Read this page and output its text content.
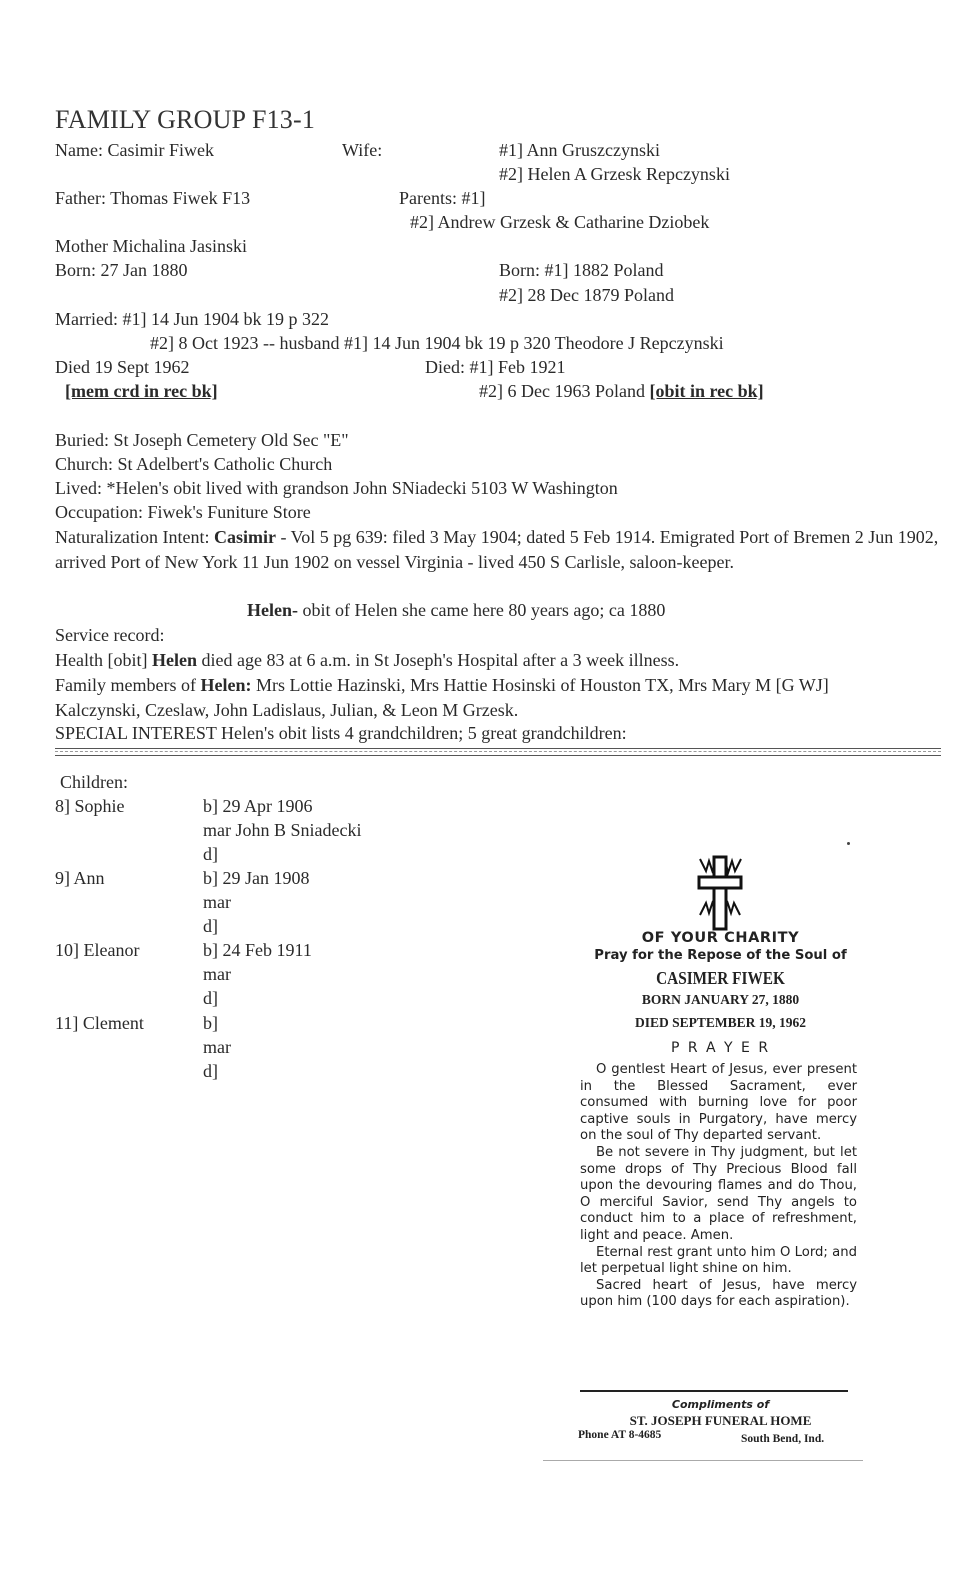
FAMILY GROUP F13-1
Name: Casimir Fiwek	Wife:	#1] Ann Gruszczynski
#2] Helen A Grzesk Repczynski
Father: Thomas Fiwek F13	Parents: #1]
#2] Andrew Grzesk & Catharine Dziobek
Mother Michalina Jasinski
Born: 27 Jan 1880	Born: #1] 1882 Poland
#2] 28 Dec 1879 Poland
Married: #1] 14 Jun 1904 bk 19 p 322
#2] 8 Oct 1923 -- husband #1] 14 Jun 1904 bk 19 p 320 Theodore J Repczynski
Died 19 Sept 1962	Died: #1] Feb 1921
[mem crd in rec bk]	#2] 6 Dec 1963 Poland [obit in rec bk]
Buried: St Joseph Cemetery Old Sec "E"
Church: St Adelbert's Catholic Church
Lived: *Helen's obit lived with grandson John SNiadecki 5103 W Washington
Occupation: Fiwek's Funiture Store
Naturalization Intent: Casimir - Vol 5 pg 639: filed 3 May 1904; dated 5 Feb 1914. Emigrated Port of Bremen 2 Jun 1902, arrived Port of New York 11 Jun 1902 on vessel Virginia - lived 450 S Carlisle, saloon-keeper.
Helen- obit of Helen she came here 80 years ago; ca 1880
Service record:
Health [obit] Helen died age 83 at 6 a.m. in St Joseph's Hospital after a 3 week illness.
Family members of Helen: Mrs Lottie Hazinski, Mrs Hattie Hosinski of Houston TX, Mrs Mary M [G WJ] Kalczynski, Czeslaw, John Ladislaus, Julian, & Leon M Grzesk.
SPECIAL INTEREST Helen's obit lists 4 grandchildren; 5 great grandchildren:
Children:
8] Sophie	b] 29 Apr 1906
mar John B Sniadecki
d]
9] Ann	b] 29 Jan 1908
mar
d]
10] Eleanor	b] 24 Feb 1911
mar
d]
11] Clement	b]
mar
d]
OF YOUR CHARITY
Pray for the Repose of the Soul of
CASIMER FIWEK
BORN JANUARY 27, 1880
DIED SEPTEMBER 19, 1962
P R A Y E R

O gentlest Heart of Jesus, ever present in the Blessed Sacrament, ever consumed with burning love for poor captive souls in Purgatory, have mercy on the soul of Thy departed servant.

Be not severe in Thy judgment, but let some drops of Thy Precious Blood fall upon the devouring flames and do Thou, O merciful Savior, send Thy angels to conduct him to a place of refreshment, light and peace. Amen.

Eternal rest grant unto him O Lord; and let perpetual light shine on him.

Sacred heart of Jesus, have mercy upon him (100 days for each aspiration).

Compliments of
ST. JOSEPH FUNERAL HOME
Phone AT 8-4685	South Bend, Ind.
